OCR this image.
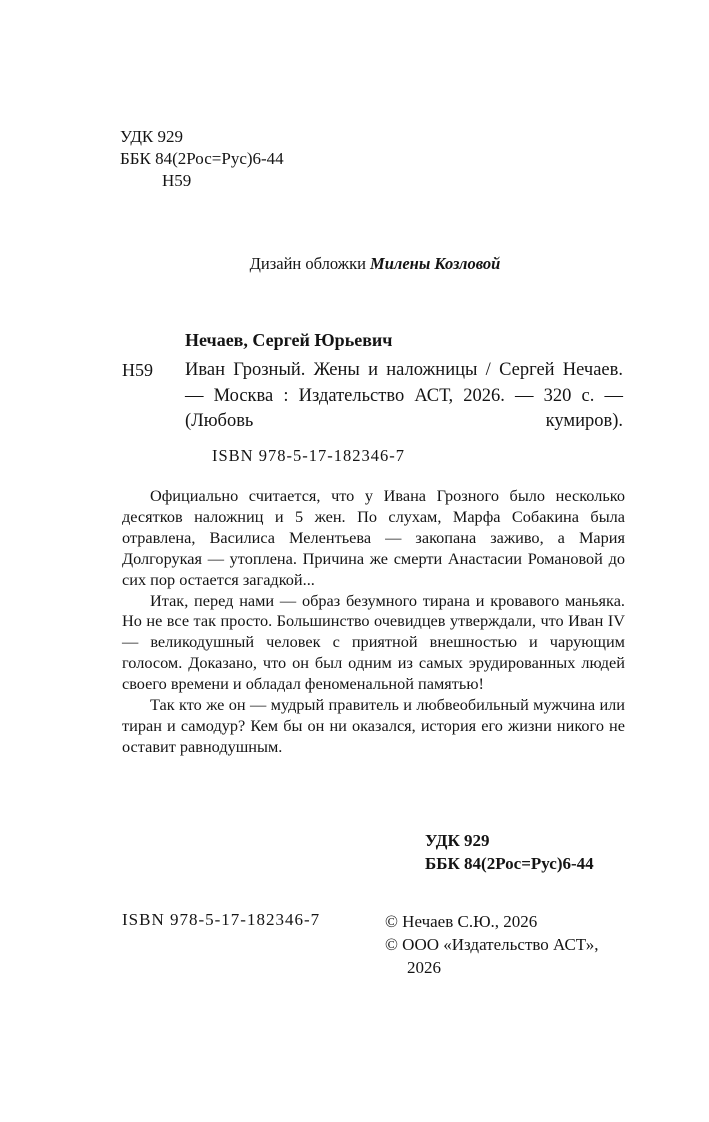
УДК 929
ББК 84(2Рос=Рус)6-44
Н59
Дизайн обложки Милены Козловой
Нечаев, Сергей Юрьевич
Н59 Иван Грозный. Жены и наложницы / Сергей Нечаев. — Москва : Издательство АСТ, 2026. — 320 с. — (Любовь кумиров).
ISBN 978-5-17-182346-7

Официально считается, что у Ивана Грозного было несколько десятков наложниц и 5 жен. По слухам, Марфа Собакина была отравлена, Василиса Мелентьева — закопана заживо, а Мария Долгорукая — утоплена. Причина же смерти Анастасии Романовой до сих пор остается загадкой...

Итак, перед нами — образ безумного тирана и кровавого маньяка. Но не все так просто. Большинство очевидцев утверждали, что Иван IV — великодушный человек с приятной внешностью и чарующим голосом. Доказано, что он был одним из самых эрудированных людей своего времени и обладал феноменальной памятью!

Так кто же он — мудрый правитель и любвеобильный мужчина или тиран и самодур? Кем бы он ни оказался, история его жизни никого не оставит равнодушным.

УДК 929
ББК 84(2Рос=Рус)6-44
ISBN 978-5-17-182346-7	© Нечаев С.Ю., 2026
© ООО «Издательство АСТ»,
2026
